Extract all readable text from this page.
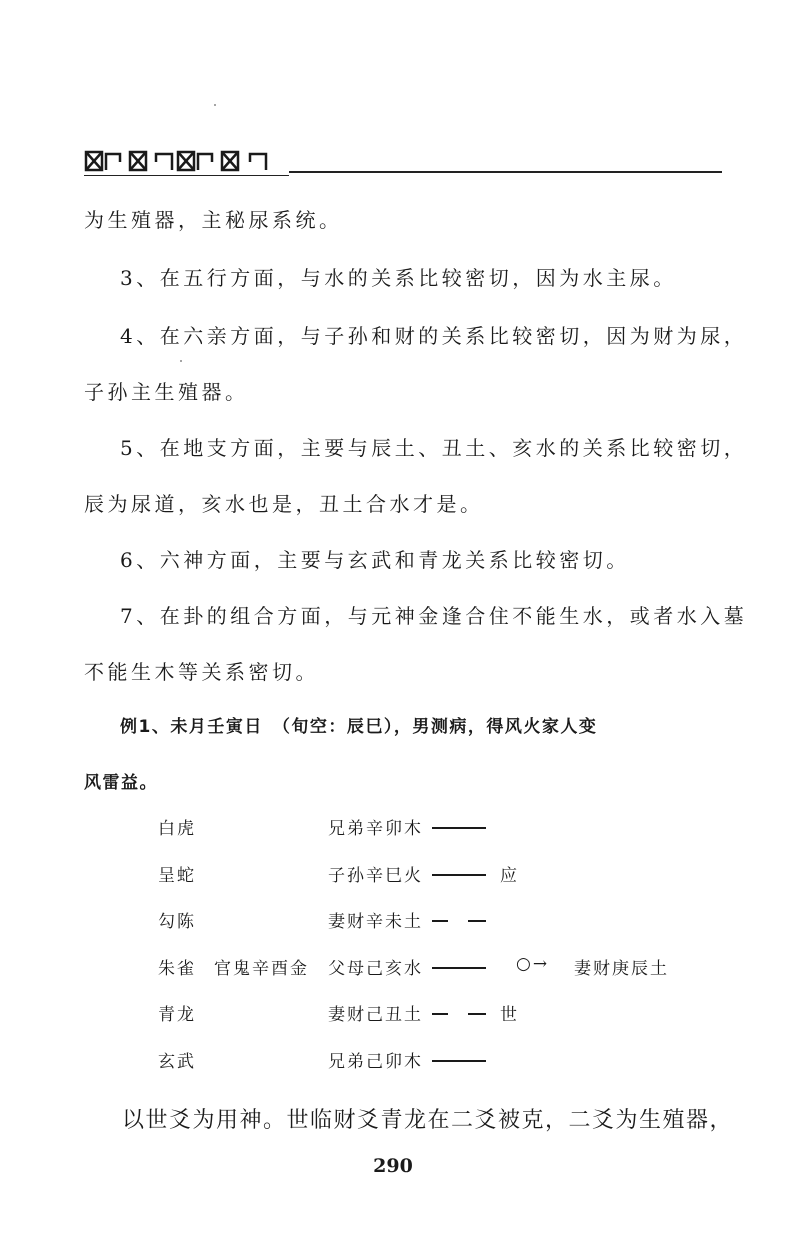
为生殖器，主秘尿系统。
3、在五行方面，与水的关系比较密切，因为水主尿。
4、在六亲方面，与子孙和财的关系比较密切，因为财为尿，
子孙主生殖器。
5、在地支方面，主要与辰土、丑土、亥水的关系比较密切，
辰为尿道，亥水也是，丑土合水才是。
6、六神方面，主要与玄武和青龙关系比较密切。
7、在卦的组合方面，与元神金逢合住不能生水，或者水入墓
不能生木等关系密切。
例1、未月壬寅日　（旬空：辰巳），男测病，得风火家人变
风雷益。
白虎	兄弟辛卯木
呈蛇	子孙辛巳火	应
勾陈	妻财辛未土
朱雀 官鬼辛酉金 父母己亥水	○→ 妻财庚辰土
青龙	妻财己丑土	世
玄武	兄弟己卯木
以世爻为用神。世临财爻青龙在二爻被克，二爻为生殖器，
290
